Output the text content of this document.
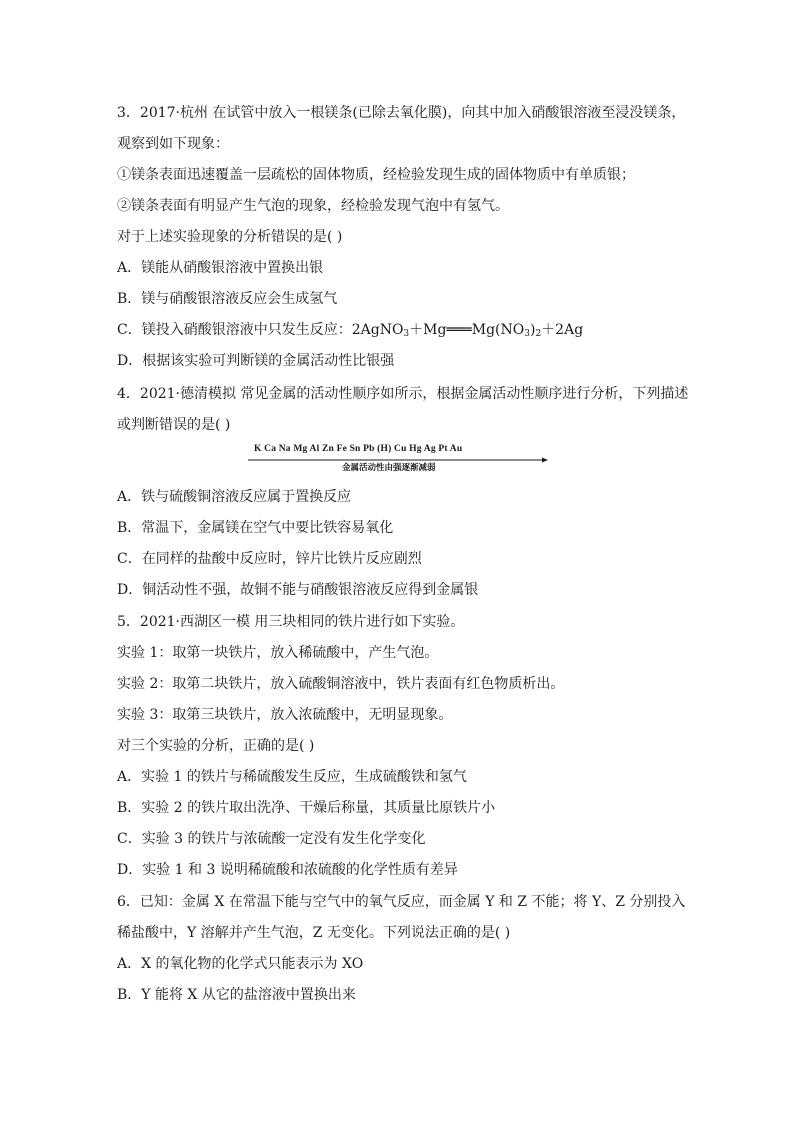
3．2017·杭州 在试管中放入一根镁条(已除去氧化膜)，向其中加入硝酸银溶液至浸没镁条，
观察到如下现象：
①镁条表面迅速覆盖一层疏松的固体物质，经检验发现生成的固体物质中有单质银；
②镁条表面有明显产生气泡的现象，经检验发现气泡中有氢气。
对于上述实验现象的分析错误的是( )
A．镁能从硝酸银溶液中置换出银
B．镁与硝酸银溶液反应会生成氢气
C．镁投入硝酸银溶液中只发生反应：$2AgNO_3+Mg═══Mg(NO_3)_2+2Ag$
D．根据该实验可判断镁的金属活动性比银强
4．2021·德清模拟 常见金属的活动性顺序如所示，根据金属活动性顺序进行分析，下列描述
或判断错误的是( )
K Ca Na Mg Al Zn Fe Sn Pb (H) Cu Hg Ag Pt Au
金属活动性由强逐渐减弱
A．铁与硫酸铜溶液反应属于置换反应
B．常温下，金属镁在空气中要比铁容易氧化
C．在同样的盐酸中反应时，锌片比铁片反应剧烈
D．铜活动性不强，故铜不能与硝酸银溶液反应得到金属银
5．2021·西湖区一模 用三块相同的铁片进行如下实验。
实验 1：取第一块铁片，放入稀硫酸中，产生气泡。
实验 2：取第二块铁片，放入硫酸铜溶液中，铁片表面有红色物质析出。
实验 3：取第三块铁片，放入浓硫酸中，无明显现象。
对三个实验的分析，正确的是( )
A．实验 1 的铁片与稀硫酸发生反应，生成硫酸铁和氢气
B．实验 2 的铁片取出洗净、干燥后称量，其质量比原铁片小
C．实验 3 的铁片与浓硫酸一定没有发生化学变化
D．实验 1 和 3 说明稀硫酸和浓硫酸的化学性质有差异
6．已知：金属 X 在常温下能与空气中的氧气反应，而金属 Y 和 Z 不能；将 Y、Z 分别投入
稀盐酸中，Y 溶解并产生气泡，Z 无变化。下列说法正确的是( )
A．X 的氧化物的化学式只能表示为 XO
B．Y 能将 X 从它的盐溶液中置换出来
